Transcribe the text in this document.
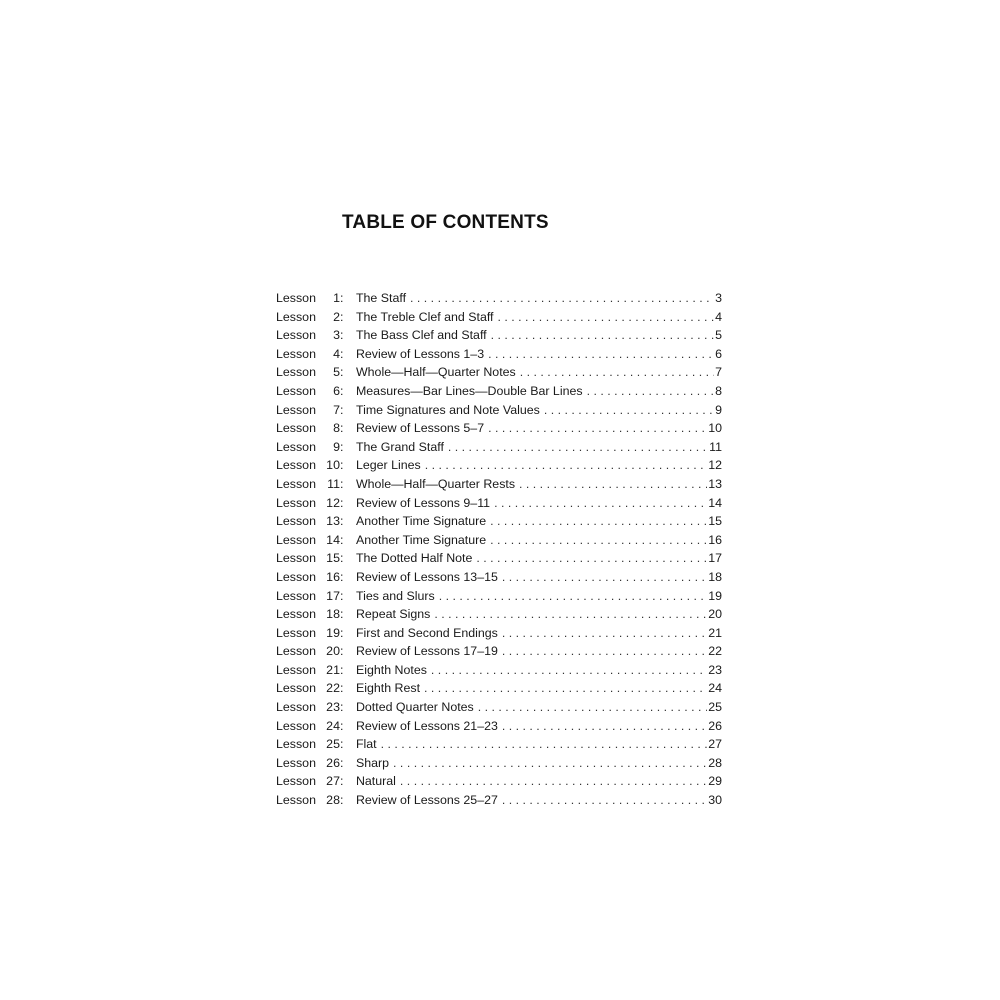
TABLE OF CONTENTS
Lesson 1: The Staff . . .	3
Lesson 2: The Treble Clef and Staff . . .	4
Lesson 3: The Bass Clef and Staff . . .	5
Lesson 4: Review of Lessons 1–3 . . .	6
Lesson 5: Whole—Half—Quarter Notes . . .	7
Lesson 6: Measures—Bar Lines—Double Bar Lines . . .	8
Lesson 7: Time Signatures and Note Values . . .	9
Lesson 8: Review of Lessons 5–7 . . .	10
Lesson 9: The Grand Staff . . .	11
Lesson 10: Leger Lines . . .	12
Lesson 11: Whole—Half—Quarter Rests . . .	13
Lesson 12: Review of Lessons 9–11 . . .	14
Lesson 13: Another Time Signature . . .	15
Lesson 14: Another Time Signature . . .	16
Lesson 15: The Dotted Half Note . . .	17
Lesson 16: Review of Lessons 13–15 . . .	18
Lesson 17: Ties and Slurs . . .	19
Lesson 18: Repeat Signs . . .	20
Lesson 19: First and Second Endings . . .	21
Lesson 20: Review of Lessons 17–19 . . .	22
Lesson 21: Eighth Notes . . .	23
Lesson 22: Eighth Rest . . .	24
Lesson 23: Dotted Quarter Notes . . .	25
Lesson 24: Review of Lessons 21–23 . . .	26
Lesson 25: Flat . . .	27
Lesson 26: Sharp . . .	28
Lesson 27: Natural . . .	29
Lesson 28: Review of Lessons 25–27 . . .	30
